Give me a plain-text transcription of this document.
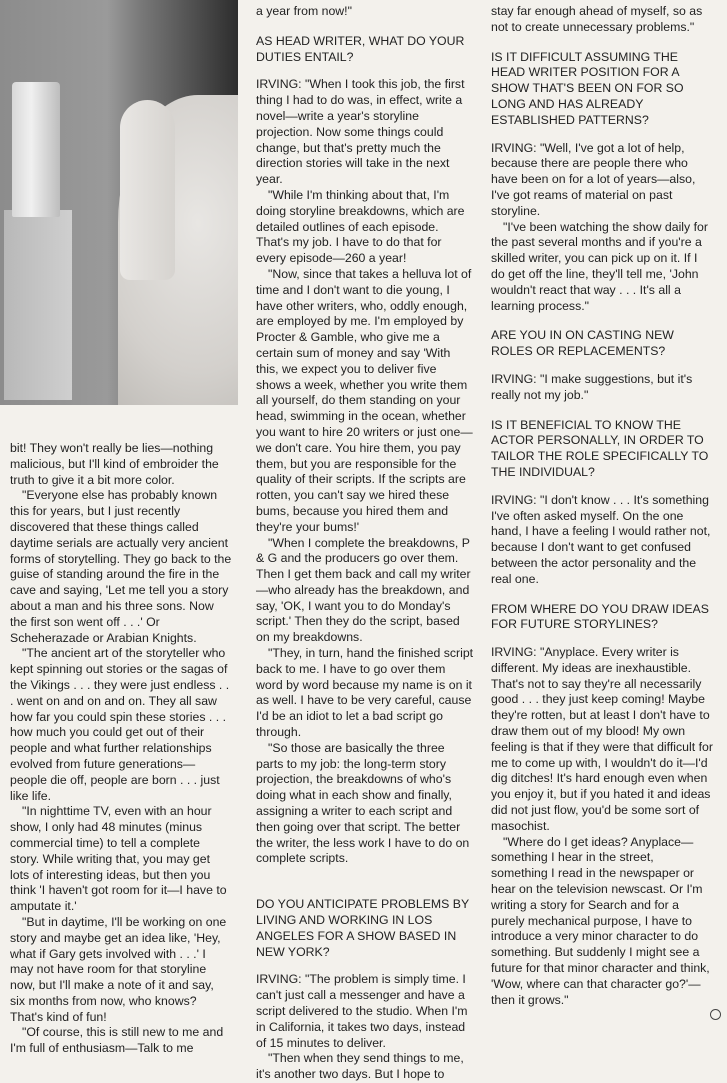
bit! They won't really be lies—nothing malicious, but I'll kind of embroider the truth to give it a bit more color.

"Everyone else has probably known this for years, but I just recently discovered that these things called daytime serials are actually very ancient forms of storytelling. They go back to the guise of standing around the fire in the cave and saying, 'Let me tell you a story about a man and his three sons. Now the first son went off . . .' Or Scheherazade or Arabian Knights.

"The ancient art of the storyteller who kept spinning out stories or the sagas of the Vikings . . . they were just endless . . . went on and on and on. They all saw how far you could spin these stories . . . how much you could get out of their people and what further relationships evolved from future generations—people die off, people are born . . . just like life.

"In nighttime TV, even with an hour show, I only had 48 minutes (minus commercial time) to tell a complete story. While writing that, you may get lots of interesting ideas, but then you think 'I haven't got room for it—I have to amputate it.'

"But in daytime, I'll be working on one story and maybe get an idea like, 'Hey, what if Gary gets involved with . . .' I may not have room for that storyline now, but I'll make a note of it and say, six months from now, who knows? That's kind of fun!

"Of course, this is still new to me and I'm full of enthusiasm—Talk to me

a year from now!"

AS HEAD WRITER, WHAT DO YOUR DUTIES ENTAIL?

IRVING: "When I took this job, the first thing I had to do was, in effect, write a novel—write a year's storyline projection. Now some things could change, but that's pretty much the direction stories will take in the next year.

"While I'm thinking about that, I'm doing storyline breakdowns, which are detailed outlines of each episode. That's my job. I have to do that for every episode—260 a year!

"Now, since that takes a helluva lot of time and I don't want to die young, I have other writers, who, oddly enough, are employed by me. I'm employed by Procter & Gamble, who give me a certain sum of money and say 'With this, we expect you to deliver five shows a week, whether you write them all yourself, do them standing on your head, swimming in the ocean, whether you want to hire 20 writers or just one—we don't care. You hire them, you pay them, but you are responsible for the quality of their scripts. If the scripts are rotten, you can't say we hired these bums, because you hired them and they're your bums!'

"When I complete the breakdowns, P & G and the producers go over them. Then I get them back and call my writer—who already has the breakdown, and say, 'OK, I want you to do Monday's script.' Then they do the script, based on my breakdowns.

"They, in turn, hand the finished script back to me. I have to go over them word by word because my name is on it as well. I have to be very careful, cause I'd be an idiot to let a bad script go through.

"So those are basically the three parts to my job: the long-term story projection, the breakdowns of who's doing what in each show and finally, assigning a writer to each script and then going over that script. The better the writer, the less work I have to do on complete scripts.

DO YOU ANTICIPATE PROBLEMS BY LIVING AND WORKING IN LOS ANGELES FOR A SHOW BASED IN NEW YORK?

IRVING: "The problem is simply time. I can't just call a messenger and have a script delivered to the studio. When I'm in California, it takes two days, instead of 15 minutes to deliver.

"Then when they send things to me, it's another two days. But I hope to

stay far enough ahead of myself, so as not to create unnecessary problems."

IS IT DIFFICULT ASSUMING THE HEAD WRITER POSITION FOR A SHOW THAT'S BEEN ON FOR SO LONG AND HAS ALREADY ESTABLISHED PATTERNS?

IRVING: "Well, I've got a lot of help, because there are people there who have been on for a lot of years—also, I've got reams of material on past storyline.

"I've been watching the show daily for the past several months and if you're a skilled writer, you can pick up on it. If I do get off the line, they'll tell me, 'John wouldn't react that way . . . It's all a learning process."

ARE YOU IN ON CASTING NEW ROLES OR REPLACEMENTS?

IRVING: "I make suggestions, but it's really not my job."

IS IT BENEFICIAL TO KNOW THE ACTOR PERSONALLY, IN ORDER TO TAILOR THE ROLE SPECIFICALLY TO THE INDIVIDUAL?

IRVING: "I don't know . . . It's something I've often asked myself. On the one hand, I have a feeling I would rather not, because I don't want to get confused between the actor personality and the real one.

FROM WHERE DO YOU DRAW IDEAS FOR FUTURE STORYLINES?

IRVING: "Anyplace. Every writer is different. My ideas are inexhaustible. That's not to say they're all necessarily good . . . they just keep coming! Maybe they're rotten, but at least I don't have to draw them out of my blood! My own feeling is that if they were that difficult for me to come up with, I wouldn't do it—I'd dig ditches! It's hard enough even when you enjoy it, but if you hated it and ideas did not just flow, you'd be some sort of masochist.

"Where do I get ideas? Anyplace—something I hear in the street, something I read in the newspaper or hear on the television newscast. Or I'm writing a story for Search and for a purely mechanical purpose, I have to introduce a very minor character to do something. But suddenly I might see a future for that minor character and think, 'Wow, where can that character go?'—then it grows."
